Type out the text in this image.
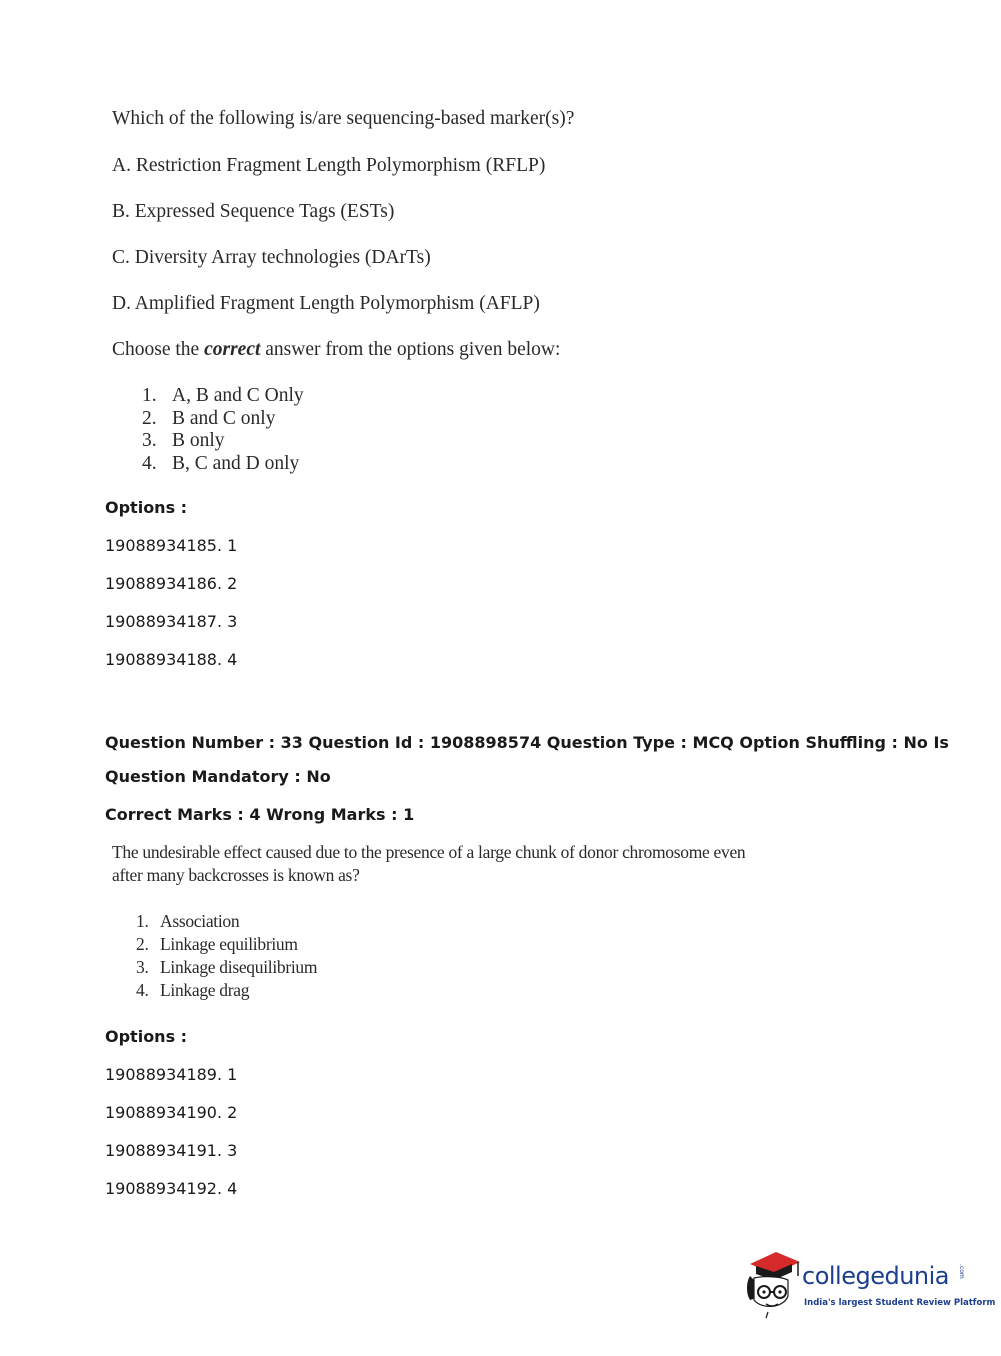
Which of the following is/are sequencing-based marker(s)?

A. Restriction Fragment Length Polymorphism (RFLP)

B. Expressed Sequence Tags (ESTs)

C. Diversity Array technologies (DArTs)

D. Amplified Fragment Length Polymorphism (AFLP)

Choose the correct answer from the options given below:

1. A, B and C Only
2. B and C only
3. B only
4. B, C and D only

Options :

19088934185. 1

19088934186. 2

19088934187. 3

19088934188. 4

Question Number : 33 Question Id : 1908898574 Question Type : MCQ Option Shuffling : No Is

Question Mandatory : No

Correct Marks : 4 Wrong Marks : 1

The undesirable effect caused due to the presence of a large chunk of donor chromosome even

after many backcrosses is known as?

1. Association
2. Linkage equilibrium
3. Linkage disequilibrium
4. Linkage drag

Options :

19088934189. 1

19088934190. 2

19088934191. 3

19088934192. 4

collegedunia .com
India's largest Student Review Platform
